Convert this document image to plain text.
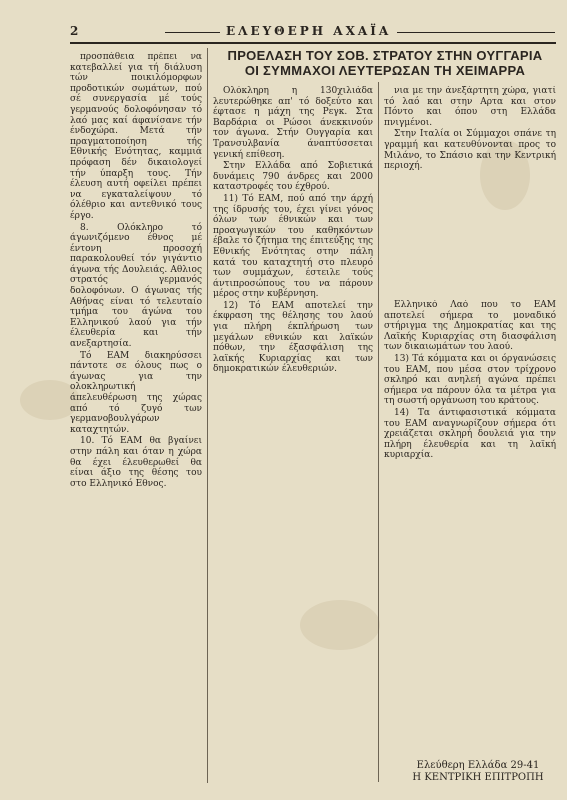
2	ΕΛΕΥΘΕΡΗ ΑΧΑΪΑ
ΠΡΟΕΛΑΣΗ ΤΟΥ ΣΟΒ. ΣΤΡΑΤΟΥ ΣΤΗΝ ΟΥΓΓΑΡΙΑ
ΟΙ ΣΥΜΜΑΧΟΙ ΛΕΥΤΕΡΩΣΑΝ ΤΗ ΧΕΙΜΑΡΡΑ

προσπάθεια πρέπει να κατεβαλλεί για τή διάλυση τών ποικιλόμορφων προδοτικών σωμάτων, πού σέ συνεργασία μέ τούς γερμανούς δολοφόνησαν τό λαό μας καί άφανίσανε τήν ένδοχώρα. Μετά τήν πραγματοποίηση τής Εθνικής Ενότητας, καμμιά πρόφαση δέν δικαιολογεί τήν ύπαρξη τους. Τήν έλευση αυτή οφείλει πρέπει να εγκαταλείψουν τό όλέθριο και αντεθνικό τους έργο.

8. Ολόκληρο τό άγωνιζόμενο έθνος μέ έντονη προσοχή παρακολουθεί τόν γιγάντιο άγωνα τής Δουλειάς. Αθλιος στρατός γερμανός δολοφόνων. Ο άγωνας τής Αθήνας είναι τό τελευταίο τμήμα του άγώνα του Ελληνικού λαού για τήν έλευθερία και τήν ανεξαρτησία.

Τό ΕΑΜ διακηρύσσει πάντοτε σε όλους πως ο άγωνας για την ολοκληρωτική άπελευθέρωση της χώρας από τό ζυγό των γερμανοβουλγάρων καταχτητών.

10. Τό ΕΑΜ θα βγαίνει στην πάλη και όταν η χώρα θα έχει έλευθερωθεί θα είναι άξιο της θέσης του στο Ελληνικό Εθνος.

Ολόκληρη η 130χιλιάδα λευτερώθηκε απ' τό δοξεύτο και έφτασε η μάχη της Ρεγκ. Στα Βαρδάρια οι Ρώσοι άνεκκινούν τον άγωνα. Στήν Ουγγαρία και Τρανσυλβανία άναπτύσσεται γενική επίθεση.

Στην Ελλάδα από Σοβιετικά δυνάμεις 790 άνδρες και 2000 καταστροφές του έχθρού.

11) Τό ΕΑΜ, πού από την άρχή της ίδρυσής του, έχει γίνει γόνος όλων των έθνικών και των προαγωγικών του καθηκόντων έβαλε τό ζήτημα της έπιτεύξης της Εθνικής Ενότητας στην πάλη κατά του καταχτητή στο πλευρό των συμμάχων, έστειλε τούς άντιπροσώπους του να πάρουν μέρος στην κυβέρνηση.

12) Τό ΕΑΜ αποτελεί την έκφραση της θέλησης του λαού για πλήρη έκπλήρωση των μεγάλων εθνικών και λαϊκών πόθων, την έξασφάλιση της λαϊκής Κυριαρχίας και των δημοκρατικών έλευθεριών.

νια με την άνεξάρτητη χώρα, γιατί τό λαό και στην Αρτα και στον Πόντο και όπου στη Ελλάδα πνιγμένοι.

Στην Ιταλία οι Σύμμαχοι σπάνε τη γραμμή και κατευθύνονται προς το Μιλάνο, το Σπάσιο και την Κεντρική περιοχή.

Ελληνικό Λαό που το ΕΑΜ αποτελεί σήμερα το μοναδικό στήριγμα της Δημοκρατίας και της Λαϊκής Κυριαρχίας στη διασφάλιση των δικαιωμάτων του λαού.

13) Τά κόμματα και οι όργανώσεις του ΕΑΜ, που μέσα στον τρίχρονο σκληρό και ανηλεή αγώνα πρέπει σήμερα να πάρουν όλα τα μέτρα για τη σωστή οργάνωση του κράτους.

14) Τα άντιφασιστικά κόμματα του ΕΑΜ αναγνωρίζουν σήμερα ότι χρειάζεται σκληρή δουλειά για την πλήρη έλευθερία και τη λαϊκή κυριαρχία.

Ελεύθερη Ελλάδα 29-41
Η ΚΕΝΤΡΙΚΗ ΕΠΙΤΡΟΠΗ
